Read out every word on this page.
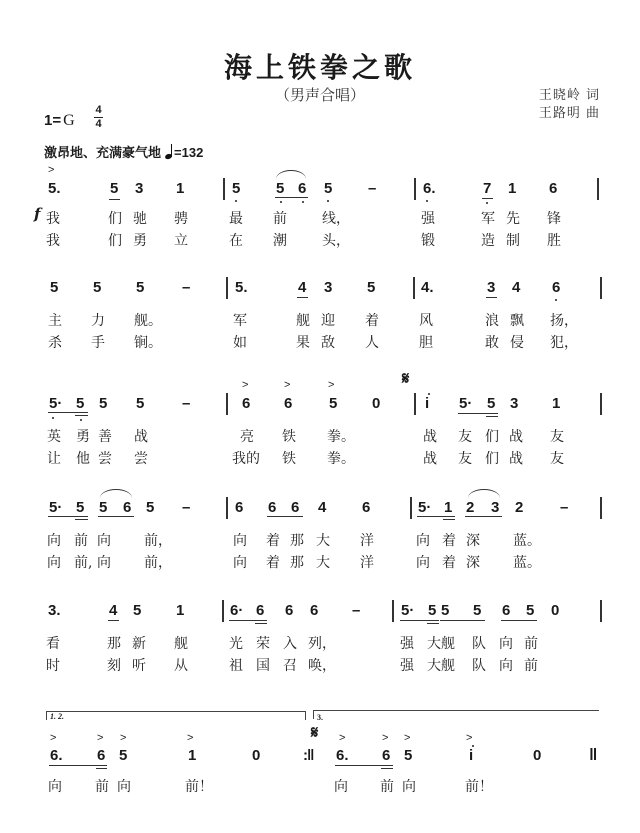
海上铁拳之歌
（男声合唱）	王晓岭 词
王路明 曲
1= G
4
4
激昂地、充满豪气地 =132
>
5.	5 3 1	5 5 6 5 –	6.	7 1 6
f 我	们 驰 骋	最 前	线，	强	军 先 锋
我	们 勇 立	在 潮	头，	锻	造 制 胜
5 5 5	–	5.	4 3 5	4.	3 4 6
主 力 舰。	军	舰 迎 着	风	浪 飘 扬，
杀 手 锏。	如	果 敌 人	胆	敢 侵 犯，
5· 5 5 5	–
>	>	>
6 6 5 0
𝄋
i 5· 5 3 1
英 勇 善 战	亮 铁 拳。	战 友 们 战 友
让 他 尝 尝	我的 铁 拳。	战 友 们 战 友
5· 5 5 6 5 –	6 6 6 4 6	5· 1 2 3 2 –
向 前 向 前，	向 着 那 大 洋	向 着 深 蓝。
向 前, 向 前，	向 着 那 大 洋	向 着 深 蓝。
3.	4 5 1	6· 6 6 6 –	5· 5 5 5 6 5 0
看	那 新 舰	光 荣 入 列，	强 大舰 队 向 前
时	刻 听 从	祖 国 召 唤，	强 大舰 队 向 前
1. 2.	3.
>	> >	>
6. 6 5	1	0	:‖
𝄋 >	> >	>
6. 6 5	i	0	‖
向 前 向	前！	向 前 向	前！
